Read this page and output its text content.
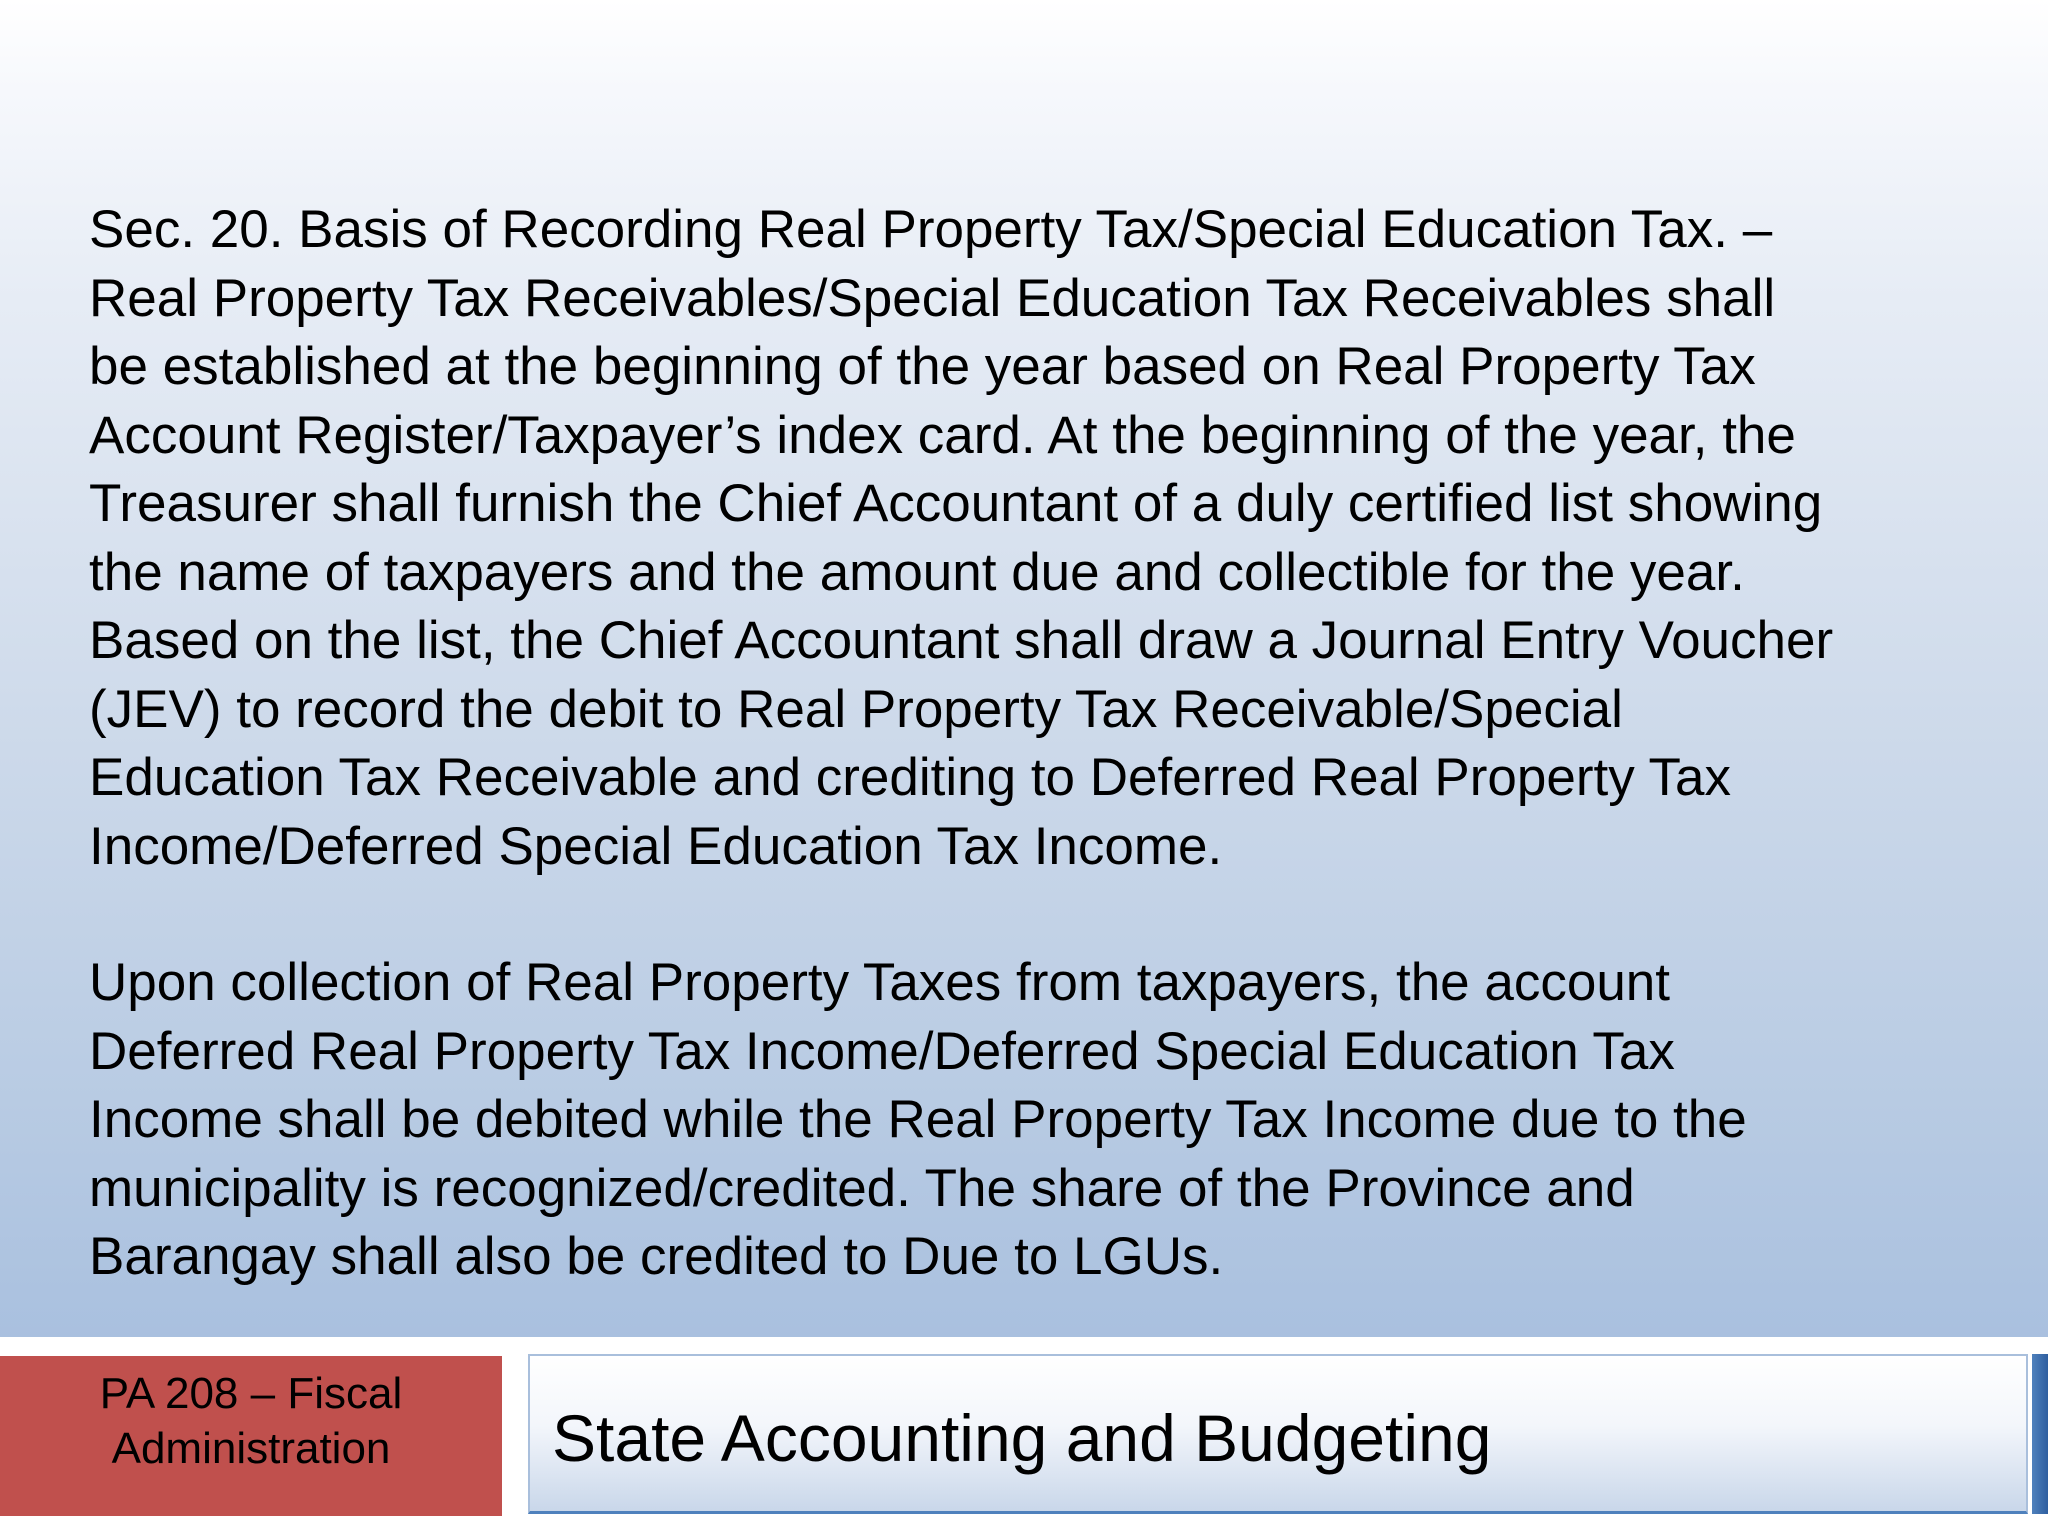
Sec. 20. Basis of Recording Real Property Tax/Special Education Tax. –

Real Property Tax Receivables/Special Education Tax Receivables shall

be established at the beginning of the year based on Real Property Tax

Account Register/Taxpayer’s index card. At the beginning of the year, the

Treasurer shall furnish the Chief Accountant of a duly certified list showing

the name of taxpayers and the amount due and collectible for the year.

Based on the list, the Chief Accountant shall draw a Journal Entry Voucher

(JEV) to record the debit to Real Property Tax Receivable/Special

Education Tax Receivable and crediting to Deferred Real Property Tax

Income/Deferred Special Education Tax Income.

Upon collection of Real Property Taxes from taxpayers, the account

Deferred Real Property Tax Income/Deferred Special Education Tax

Income shall be debited while the Real Property Tax Income due to the

municipality is recognized/credited. The share of the Province and

Barangay shall also be credited to Due to LGUs.

PA 208 – Fiscal
Administration	State Accounting and Budgeting
